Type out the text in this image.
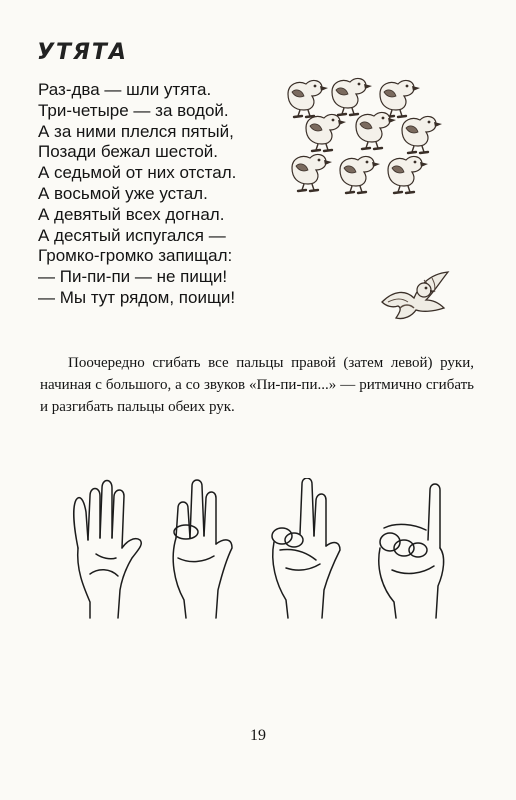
УТЯТА
Раз-два — шли утята.
Три-четыре — за водой.
А за ними плелся пятый,
Позади бежал шестой.
А седьмой от них отстал.
А восьмой уже устал.
А девятый всех догнал.
А десятый испугался —
Громко-громко запищал:
— Пи-пи-пи — не пищи!
— Мы тут рядом, поищи!
Поочередно сгибать все пальцы правой (затем левой) руки, начиная с большого, а со звуков «Пи-пи-пи...» — ритмично сгибать и разгибать пальцы обеих рук.
19
